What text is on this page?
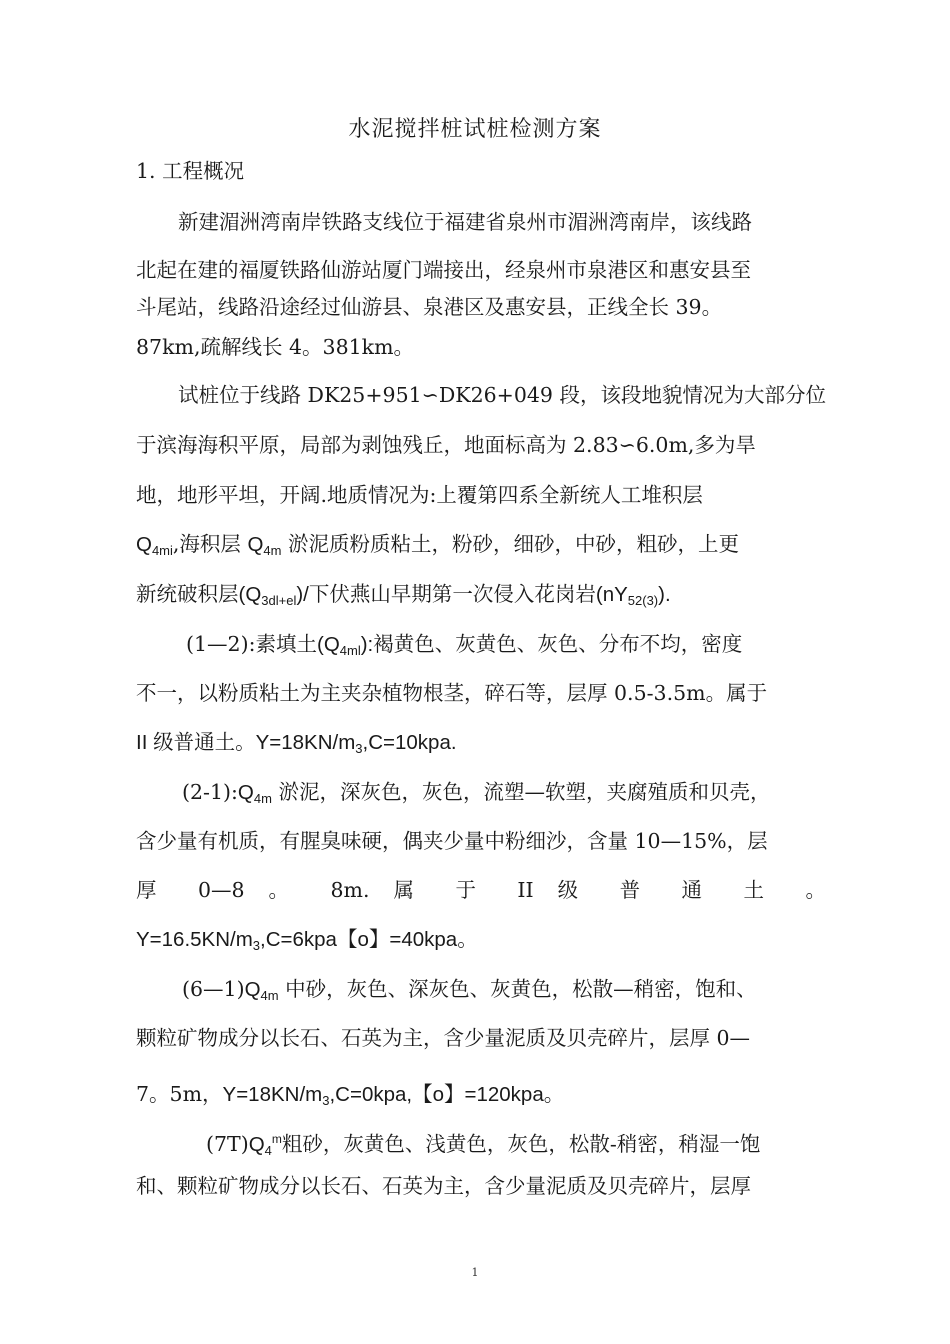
水泥搅拌桩试桩检测方案
1. 工程概况
新建湄洲湾南岸铁路支线位于福建省泉州市湄洲湾南岸，该线路
北起在建的福厦铁路仙游站厦门端接出，经泉州市泉港区和惠安县至
斗尾站，线路沿途经过仙游县、泉港区及惠安县，正线全长 39。
87km,疏解线长 4。381km。
试桩位于线路 DK25+951∽DK26+049 段，该段地貌情况为大部分位
于滨海海积平原，局部为剥蚀残丘，地面标高为 2.83∽6.0m,多为旱
地，地形平坦，开阔.地质情况为:上覆第四系全新统人工堆积层
$Q_{4mi}$,海积层 $Q_{4m}$ 淤泥质粉质粘土，粉砂，细砂，中砂，粗砂，上更
新统破积层$(Q_{3dl+el})/$下伏燕山早期第一次侵入花岗岩$(nY_{52(3)})$.
(1—2):素填土$(Q_{4ml})$:褐黄色、灰黄色、灰色、分布不均，密度
不一，以粉质粘土为主夹杂植物根茎，碎石等，层厚 0.5-3.5m。属于
II 级普通土。$Y=18KN/m_3,C=10kpa$.
$(2-1):Q_{4m}$ 淤泥，深灰色，灰色，流塑—软塑，夹腐殖质和贝壳，
含少量有机质，有腥臭味硬，偶夹少量中粉细沙，含量 10—15%，层
厚 0—8 。 8m. 属 于 II 级 普 通 土 。
$Y=16.5KN/m_3,C=6kpa$【o】=40kpa。
$(6—1)Q_{4m}$ 中砂，灰色、深灰色、灰黄色，松散—稍密，饱和、
颗粒矿物成分以长石、石英为主，含少量泥质及贝壳碎片，层厚 0—
7。5m，$Y=18KN/m_3,C=0kpa$,【o】=120kpa。
$(7T)Q_4^m$粗砂，灰黄色、浅黄色，灰色，松散-稍密，稍湿一饱
和、颗粒矿物成分以长石、石英为主，含少量泥质及贝壳碎片，层厚
1
